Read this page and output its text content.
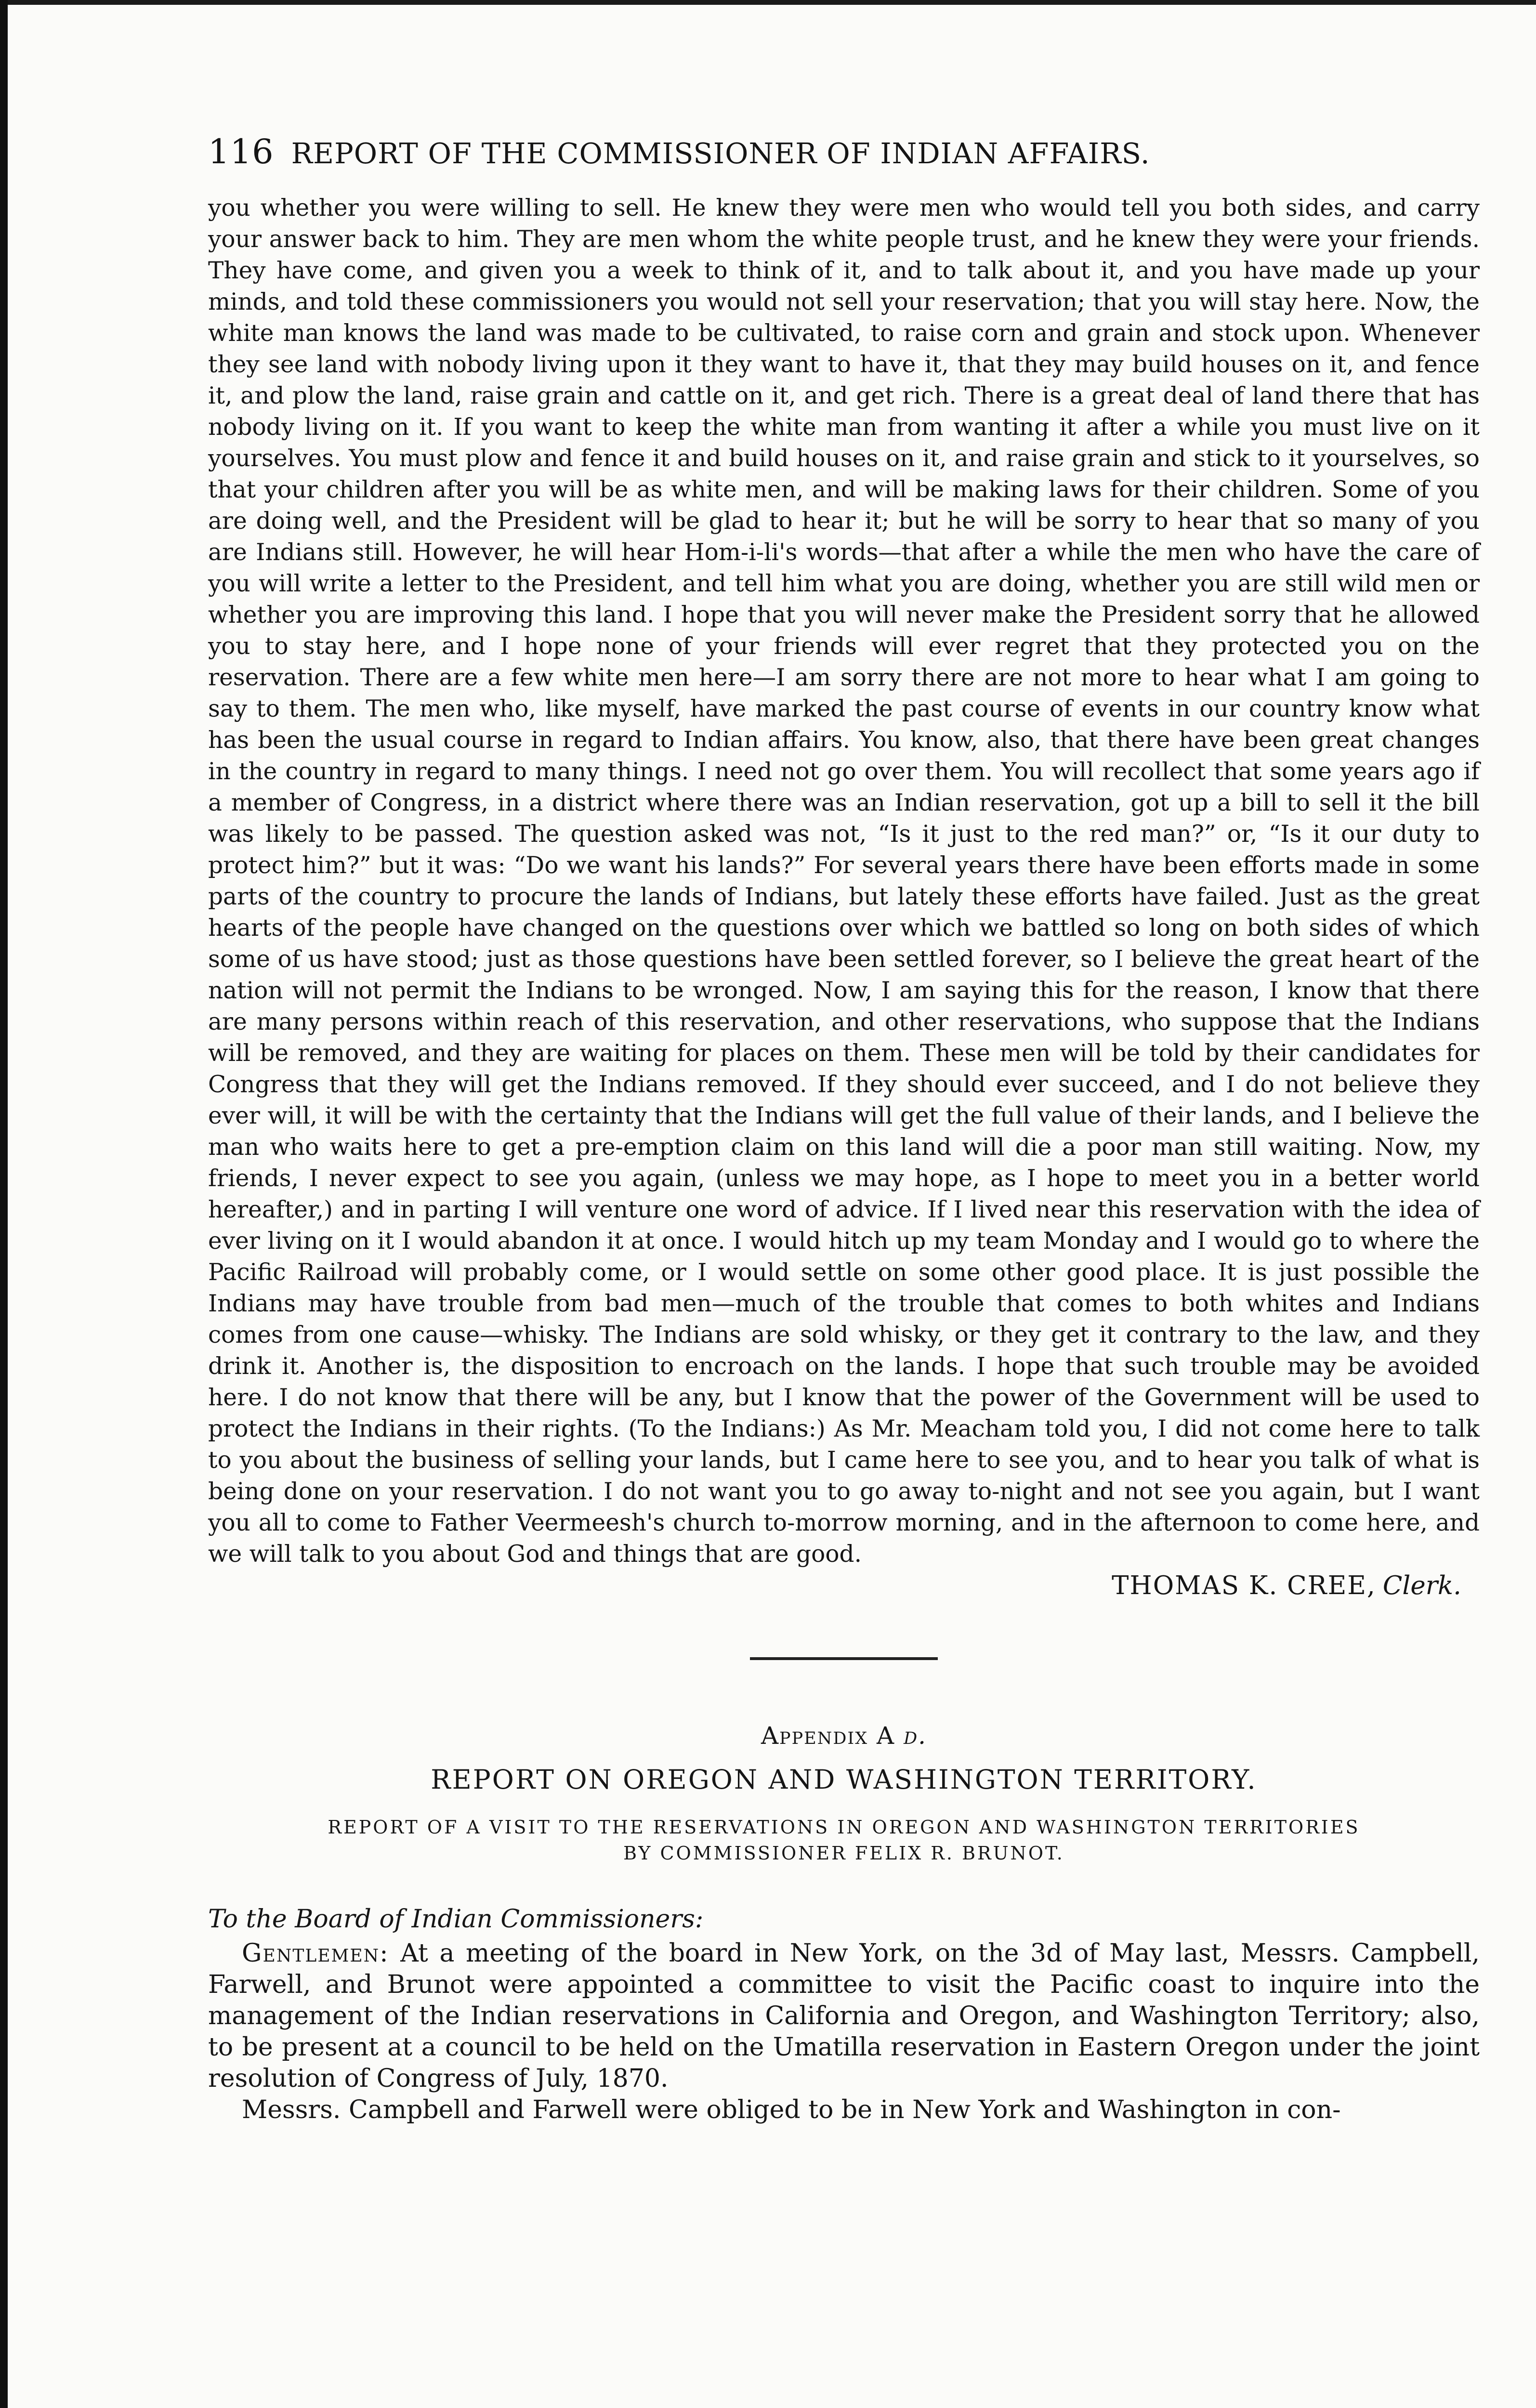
116 REPORT OF THE COMMISSIONER OF INDIAN AFFAIRS.

you whether you were willing to sell. He knew they were men who would tell you both sides, and carry your answer back to him. They are men whom the white people trust, and he knew they were your friends. They have come, and given you a week to think of it, and to talk about it, and you have made up your minds, and told these commissioners you would not sell your reservation; that you will stay here. Now, the white man knows the land was made to be cultivated, to raise corn and grain and stock upon. Whenever they see land with nobody living upon it they want to have it, that they may build houses on it, and fence it, and plow the land, raise grain and cattle on it, and get rich. There is a great deal of land there that has nobody living on it. If you want to keep the white man from wanting it after a while you must live on it yourselves. You must plow and fence it and build houses on it, and raise grain and stick to it yourselves, so that your children after you will be as white men, and will be making laws for their children. Some of you are doing well, and the President will be glad to hear it; but he will be sorry to hear that so many of you are Indians still. However, he will hear Hom-i-li's words—that after a while the men who have the care of you will write a letter to the President, and tell him what you are doing, whether you are still wild men or whether you are improving this land. I hope that you will never make the President sorry that he allowed you to stay here, and I hope none of your friends will ever regret that they protected you on the reservation. There are a few white men here—I am sorry there are not more to hear what I am going to say to them. The men who, like myself, have marked the past course of events in our country know what has been the usual course in regard to Indian affairs. You know, also, that there have been great changes in the country in regard to many things. I need not go over them. You will recollect that some years ago if a member of Congress, in a district where there was an Indian reservation, got up a bill to sell it the bill was likely to be passed. The question asked was not, “Is it just to the red man?” or, “Is it our duty to protect him?” but it was: “Do we want his lands?” For several years there have been efforts made in some parts of the country to procure the lands of Indians, but lately these efforts have failed. Just as the great hearts of the people have changed on the questions over which we battled so long on both sides of which some of us have stood; just as those questions have been settled forever, so I believe the great heart of the nation will not permit the Indians to be wronged. Now, I am saying this for the reason, I know that there are many persons within reach of this reservation, and other reservations, who suppose that the Indians will be removed, and they are waiting for places on them. These men will be told by their candidates for Congress that they will get the Indians removed. If they should ever succeed, and I do not believe they ever will, it will be with the certainty that the Indians will get the full value of their lands, and I believe the man who waits here to get a pre-emption claim on this land will die a poor man still waiting. Now, my friends, I never expect to see you again, (unless we may hope, as I hope to meet you in a better world hereafter,) and in parting I will venture one word of advice. If I lived near this reservation with the idea of ever living on it I would abandon it at once. I would hitch up my team Monday and I would go to where the Pacific Railroad will probably come, or I would settle on some other good place. It is just possible the Indians may have trouble from bad men—much of the trouble that comes to both whites and Indians comes from one cause—whisky. The Indians are sold whisky, or they get it contrary to the law, and they drink it. Another is, the disposition to encroach on the lands. I hope that such trouble may be avoided here. I do not know that there will be any, but I know that the power of the Government will be used to protect the Indians in their rights. (To the Indians:) As Mr. Meacham told you, I did not come here to talk to you about the business of selling your lands, but I came here to see you, and to hear you talk of what is being done on your reservation. I do not want you to go away to-night and not see you again, but I want you all to come to Father Veermeesh's church to-morrow morning, and in the afternoon to come here, and we will talk to you about God and things that are good.

THOMAS K. CREE, Clerk.
Appendix A d.
REPORT ON OREGON AND WASHINGTON TERRITORY.
REPORT OF A VISIT TO THE RESERVATIONS IN OREGON AND WASHINGTON TERRITORIES
BY COMMISSIONER FELIX R. BRUNOT.
To the Board of Indian Commissioners:

Gentlemen: At a meeting of the board in New York, on the 3d of May last, Messrs. Campbell, Farwell, and Brunot were appointed a committee to visit the Pacific coast to inquire into the management of the Indian reservations in California and Oregon, and Washington Territory; also, to be present at a council to be held on the Umatilla reservation in Eastern Oregon under the joint resolution of Congress of July, 1870.

Messrs. Campbell and Farwell were obliged to be in New York and Washington in con-
